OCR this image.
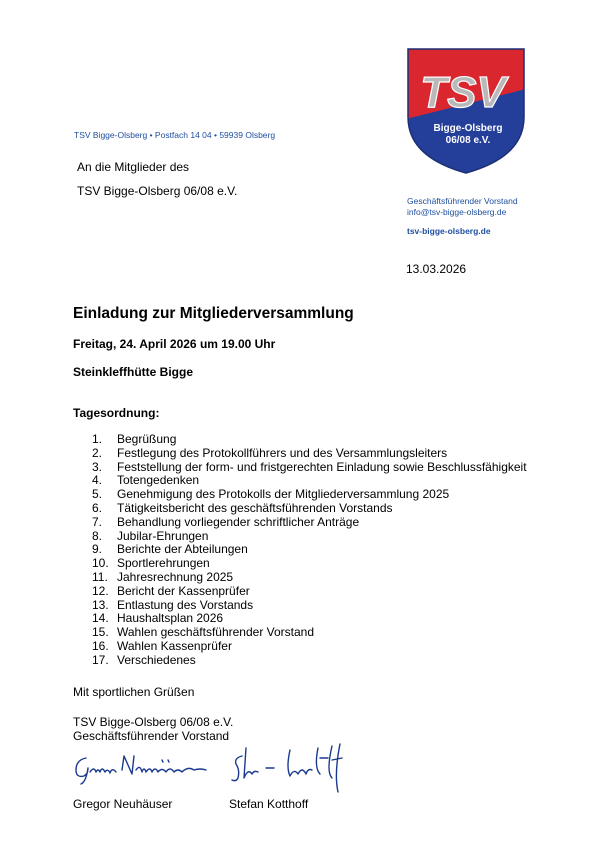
TSV Bigge-Olsberg • Postfach 14 04 • 59939 Olsberg
An die Mitglieder des
TSV Bigge-Olsberg 06/08 e.V.
TSV
Bigge-Olsberg
06/08 e.V.
Geschäftsführender Vorstand
info@tsv-bigge-olsberg.de
tsv-bigge-olsberg.de
13.03.2026
Einladung zur Mitgliederversammlung
Freitag, 24. April 2026 um 19.00 Uhr
Steinkleffhütte Bigge
Tagesordnung:
1. Begrüßung
2. Festlegung des Protokollführers und des Versammlungsleiters
3. Feststellung der form- und fristgerechten Einladung sowie Beschlussfähigkeit
4. Totengedenken
5. Genehmigung des Protokolls der Mitgliederversammlung 2025
6. Tätigkeitsbericht des geschäftsführenden Vorstands
7. Behandlung vorliegender schriftlicher Anträge
8. Jubilar-Ehrungen
9. Berichte der Abteilungen
10. Sportlerehrungen
11. Jahresrechnung 2025
12. Bericht der Kassenprüfer
13. Entlastung des Vorstands
14. Haushaltsplan 2026
15. Wahlen geschäftsführender Vorstand
16. Wahlen Kassenprüfer
17. Verschiedenes
Mit sportlichen Grüßen
TSV Bigge-Olsberg 06/08 e.V.
Geschäftsführender Vorstand
Gregor Neuhäuser	Stefan Kotthoff
